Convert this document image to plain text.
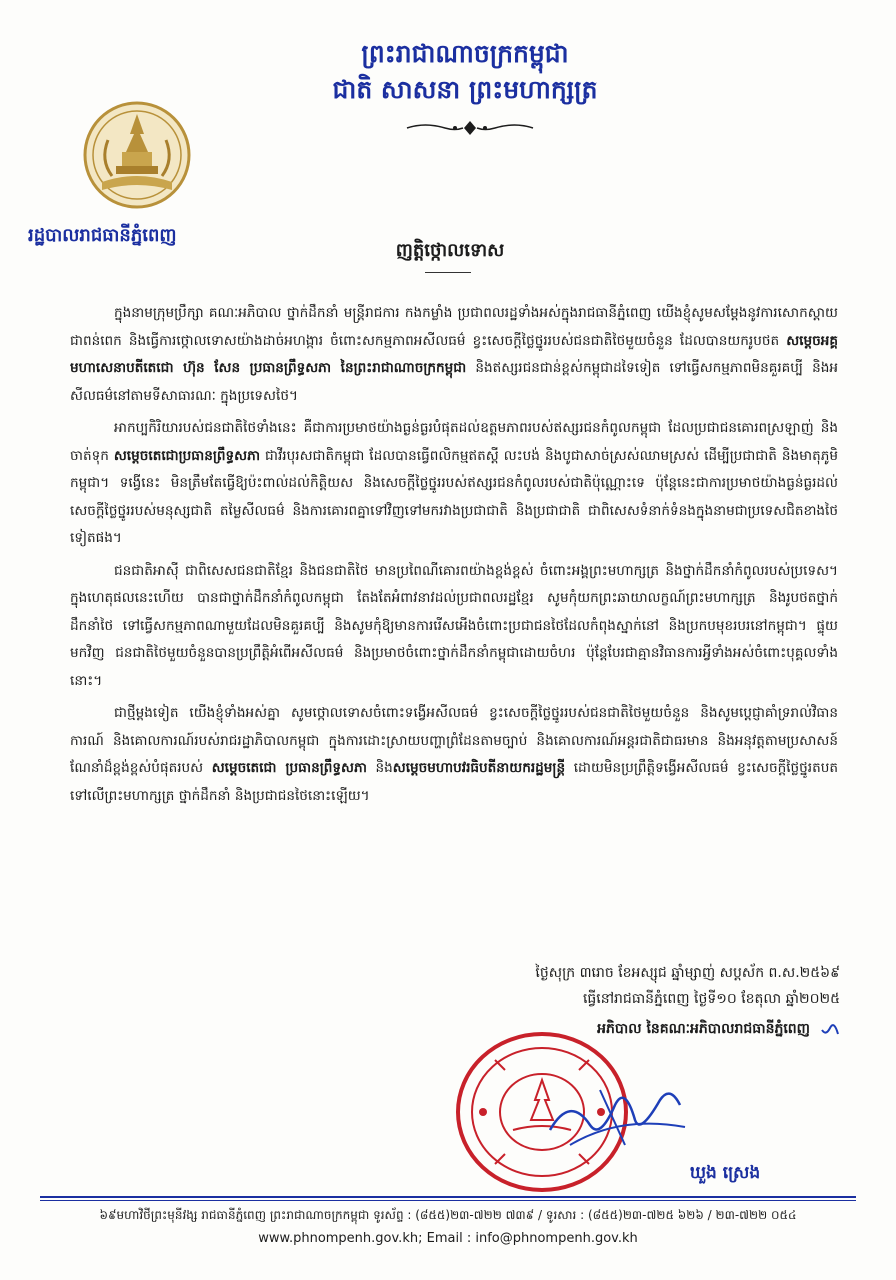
ព្រះរាជាណាចក្រកម្ពុជា
ជាតិ សាសនា ព្រះមហាក្សត្រ
រដ្ឋបាលរាជធានីភ្នំពេញ
ញត្តិថ្កោលទោស

ក្នុងនាមក្រុមប្រឹក្សា គណៈអភិបាល ថ្នាក់ដឹកនាំ មន្ត្រីរាជការ កងកម្លាំង ប្រជាពលរដ្ឋទាំងអស់ក្នុងរាជធានីភ្នំពេញ យើងខ្ញុំសូមសម្ដែងនូវការសោកស្តាយជាពន់ពេក និងធ្វើការថ្កោលទោសយ៉ាងដាច់អហង្ការ ចំពោះសកម្មភាពអសីលធម៌ ខ្វះសេចក្តីថ្លៃថ្នូររបស់ជនជាតិថៃមួយចំនួន ដែលបានយករូបថត សម្ដេចអគ្គមហាសេនាបតីតេជោ ហ៊ុន សែន ប្រធានព្រឹទ្ធសភា នៃព្រះរាជាណាចក្រកម្ពុជា និងឥស្សរជនជាន់ខ្ពស់កម្ពុជាដទៃទៀត ទៅធ្វើសកម្មភាពមិនគួរគប្បី និងអសីលធម៌នៅតាមទីសាធារណៈ ក្នុងប្រទេសថៃ។

អាកប្បកិរិយារបស់ជនជាតិថៃទាំងនេះ គឺជាការប្រមាថយ៉ាងធ្ងន់ធ្ងរបំផុតដល់ឧត្ដមភាពរបស់ឥស្សរជនកំពូលកម្ពុជា ដែលប្រជាជនគោរពស្រឡាញ់ និងចាត់ទុក សម្តេចតេជោប្រធានព្រឹទ្ធសភា ជាវីរបុរសជាតិកម្ពុជា ដែលបានធ្វើពលិកម្មឥតស្ដី លះបង់ និងបូជាសាច់ស្រស់ឈាមស្រស់ ដើម្បីប្រជាជាតិ និងមាតុភូមិកម្ពុជា។ ទង្វើនេះ មិនត្រឹមតែធ្វើឱ្យប៉ះពាល់ដល់កិត្តិយស និងសេចក្តីថ្លៃថ្នូររបស់ឥស្សរជនកំពូលរបស់ជាតិប៉ុណ្ណោះទេ ប៉ុន្តែនេះជាការប្រមាថយ៉ាងធ្ងន់ធ្ងរដល់សេចក្ដីថ្លៃថ្នូររបស់មនុស្សជាតិ តម្លៃសីលធម៌ និងការគោរពគ្នាទៅវិញទៅមករវាងប្រជាជាតិ និងប្រជាជាតិ ជាពិសេសទំនាក់ទំនងក្នុងនាមជាប្រទេសជិតខាងថៃទៀតផង។

ជនជាតិអាស៊ី ជាពិសេសជនជាតិខ្មែរ និងជនជាតិថៃ មានប្រពៃណីគោរពយ៉ាងខ្ពង់ខ្ពស់ ចំពោះអង្គព្រះមហាក្សត្រ និងថ្នាក់ដឹកនាំកំពូលរបស់ប្រទេស។ ក្នុងហេតុផលនេះហើយ បានជាថ្នាក់ដឹកនាំកំពូលកម្ពុជា តែងតែអំពាវនាវដល់ប្រជាពលរដ្ឋខ្មែរ សូមកុំយកព្រះឆាយាលក្ខណ៍ព្រះមហាក្សត្រ និងរូបថតថ្នាក់ដឹកនាំថៃ ទៅធ្វើសកម្មភាពណាមួយដែលមិនគួរគប្បី និងសូមកុំឱ្យមានការរើសអើងចំពោះប្រជាជនថៃដែលកំពុងស្នាក់នៅ និងប្រកបមុខរបរនៅកម្ពុជា។ ផ្ទុយមកវិញ ជនជាតិថៃមួយចំនួនបានប្រព្រឹត្តិអំពើអសីលធម៌ និងប្រមាថចំពោះថ្នាក់ដឹកនាំកម្ពុជាដោយចំហរ ប៉ុន្តែបែរជាគ្មានវិធានការអ្វីទាំងអស់ចំពោះបុគ្គលទាំងនោះ។

ជាថ្មីម្តងទៀត យើងខ្ញុំទាំងអស់គ្នា សូមថ្កោលទោសចំពោះទង្វើអសីលធម៌ ខ្វះសេចក្តីថ្លៃថ្នូររបស់ជនជាតិថៃមួយចំនួន និងសូមប្តេជ្ញាគាំទ្ររាល់វិធានការណ៍ និងគោលការណ៍របស់រាជរដ្ឋាភិបាលកម្ពុជា ក្នុងការដោះស្រាយបញ្ហាព្រំដែនតាមច្បាប់ និងគោលការណ៍អន្តរជាតិជាធរមាន និងអនុវត្តតាមប្រសាសន៍ណែនាំដ៏ខ្ពង់ខ្ពស់បំផុតរបស់ សម្តេចតេជោ ប្រធានព្រឹទ្ធសភា និងសម្តេចមហាបវរធិបតីនាយករដ្ឋមន្ត្រី ដោយមិនប្រព្រឹត្តិទង្វើអសីលធម៌ ខ្វះសេចក្តីថ្លៃថ្នូរតបតទៅលើព្រះមហាក្សត្រ ថ្នាក់ដឹកនាំ និងប្រជាជនថៃនោះឡើយ។

ថ្ងៃសុក្រ ៣រោច ខែអស្សុជ ឆ្នាំម្សាញ់ សប្តស័ក ព.ស.២៥៦៩
ធ្វើនៅរាជធានីភ្នំពេញ ថ្ងៃទី១០ ខែតុលា ឆ្នាំ២០២៥
អភិបាល នៃគណៈអភិបាលរាជធានីភ្នំពេញ
ឃួង ស្រេង
៦៩មហាវិថីព្រះមុនីវង្ស រាជធានីភ្នំពេញ ព្រះរាជាណាចក្រកម្ពុជា ទូរស័ព្ទ : (៨៥៥)២៣-៧២២ ៧៣៩ / ទូរសារ : (៨៥៥)២៣-៧២៥ ៦២៦ / ២៣-៧២២ ០៥៤
www.phnompenh.gov.kh; Email : info@phnompenh.gov.kh
